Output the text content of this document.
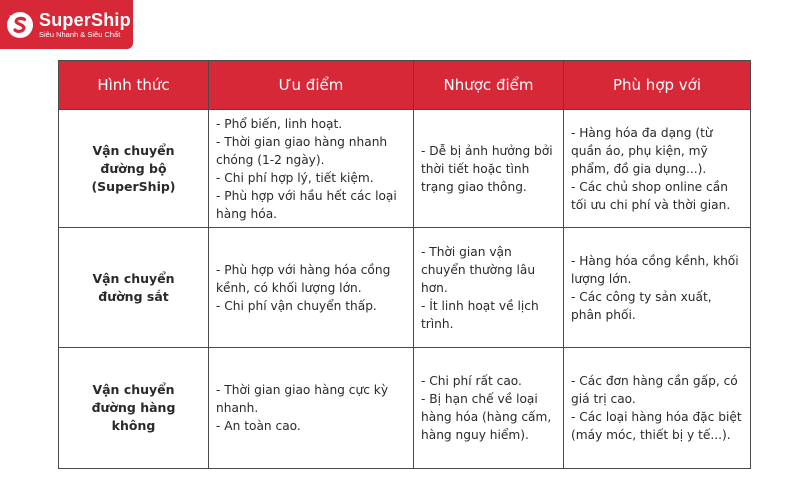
SuperShip
Siêu Nhanh & Siêu Chất
Hình thức	Ưu điểm	Nhược điểm	Phù hợp với
Vận chuyển đường bộ (SuperShip)	- Phổ biến, linh hoạt.
- Thời gian giao hàng nhanh chóng (1-2 ngày).
- Chi phí hợp lý, tiết kiệm.
- Phù hợp với hầu hết các loại hàng hóa.	- Dễ bị ảnh hưởng bởi thời tiết hoặc tình trạng giao thông.	- Hàng hóa đa dạng (từ quần áo, phụ kiện, mỹ phẩm, đồ gia dụng...).
- Các chủ shop online cần tối ưu chi phí và thời gian.

Vận chuyển đường sắt	- Phù hợp với hàng hóa cồng kềnh, có khối lượng lớn.
- Chi phí vận chuyển thấp.	- Thời gian vận chuyển thường lâu hơn.
- Ít linh hoạt về lịch trình.	- Hàng hóa cồng kềnh, khối lượng lớn.
- Các công ty sản xuất, phân phối.

Vận chuyển đường hàng không	- Thời gian giao hàng cực kỳ nhanh.
- An toàn cao.	- Chi phí rất cao.
- Bị hạn chế về loại hàng hóa (hàng cấm, hàng nguy hiểm).	- Các đơn hàng cần gấp, có giá trị cao.
- Các loại hàng hóa đặc biệt (máy móc, thiết bị y tế...).
